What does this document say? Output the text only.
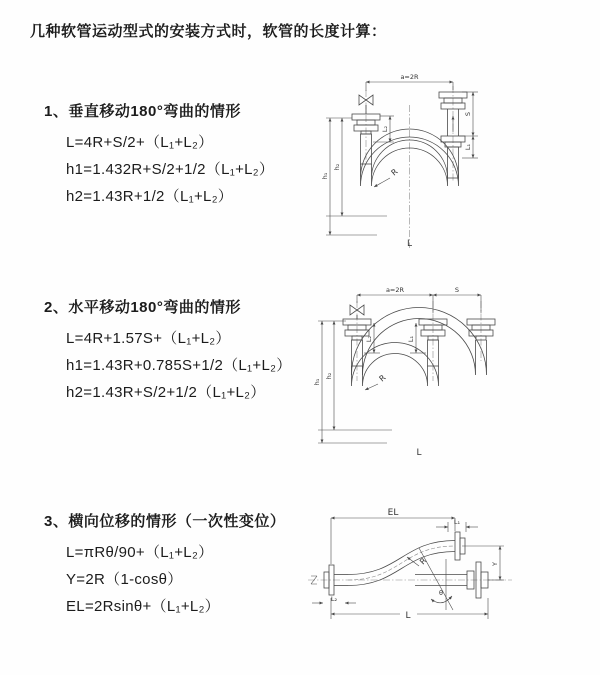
几种软管运动型式的安装方式时，软管的长度计算：
1、垂直移动180°弯曲的情形
L=4R+S/2+（L₁+L₂）
h1=1.432R+S/2+1/2（L₁+L₂）
h2=1.43R+1/2（L₁+L₂）
a=2R
S
L₁
L₂
h₁
h₂
R
L
2、水平移动180°弯曲的情形
L=4R+1.57S+（L₁+L₂）
h1=1.43R+0.785S+1/2（L₁+L₂）
h2=1.43R+S/2+1/2（L₁+L₂）
a=2R	S
h₁
h₂
L₂	L₁
R
L
3、横向位移的情形（一次性变位）
L=πRθ/90+（L₁+L₂）
Y=2R（1-cosθ）
EL=2Rsinθ+（L₁+L₂）
EL
L₁
Y
θ
R
L₂
L
